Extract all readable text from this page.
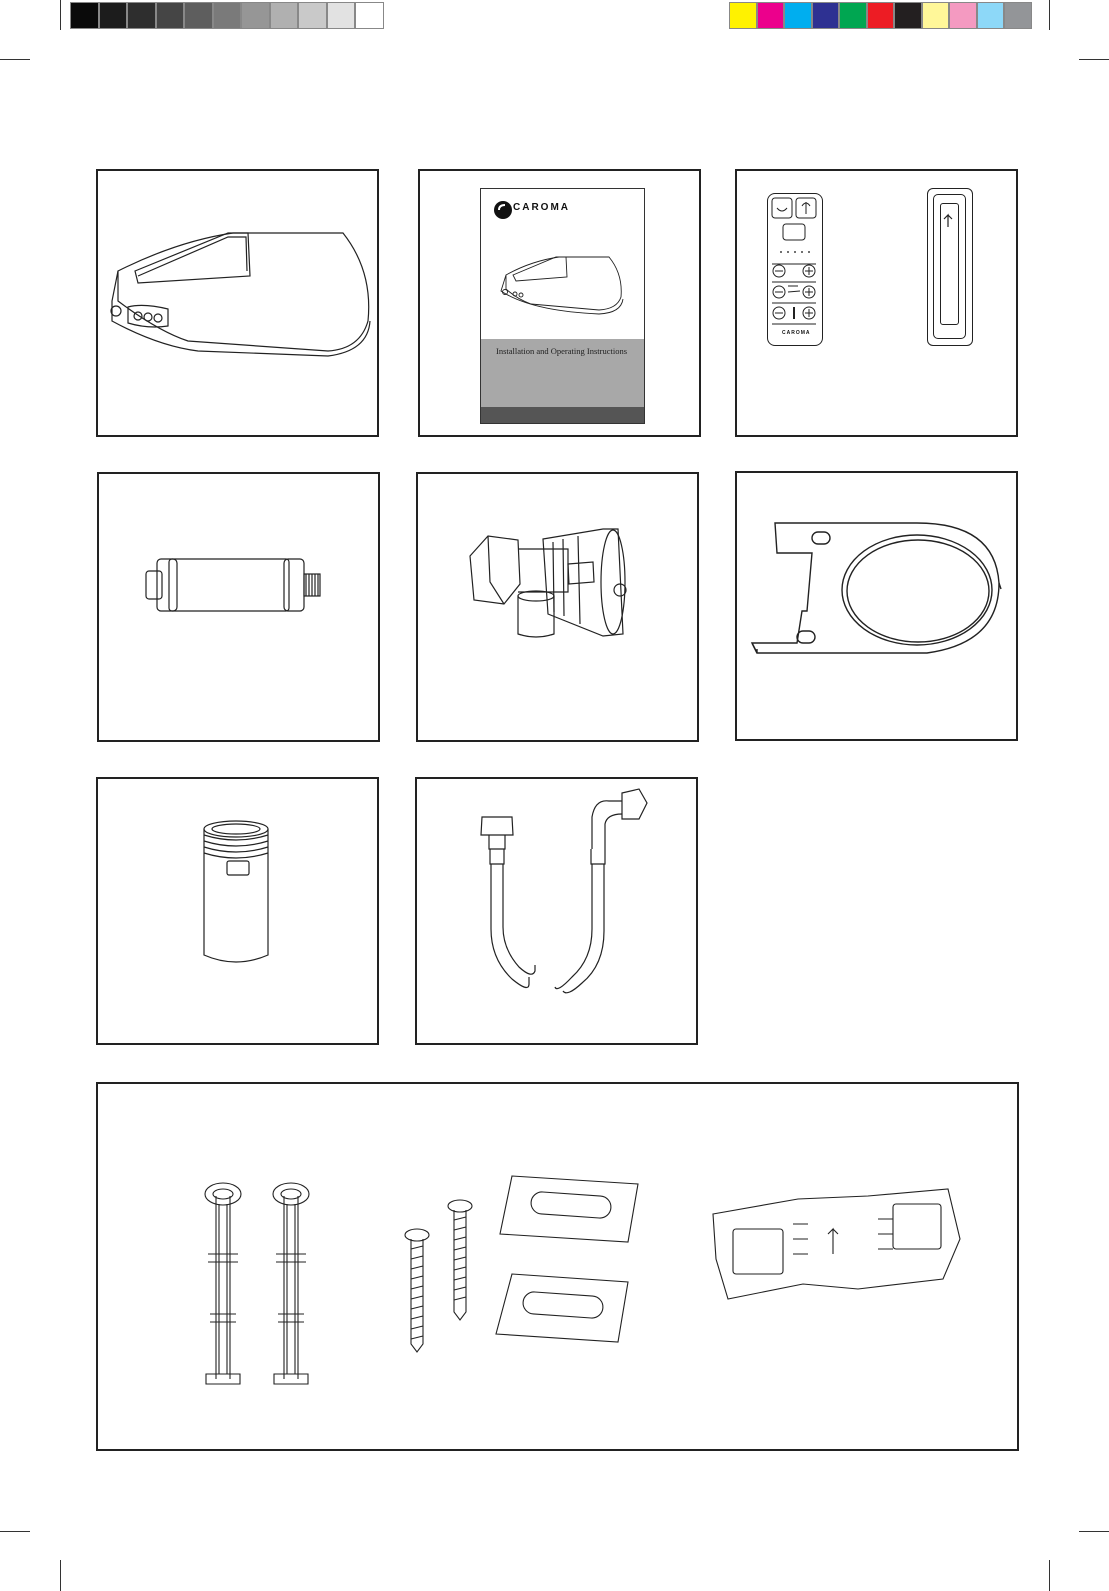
CAROMA
Installation and Operating Instructions
CAROMA
